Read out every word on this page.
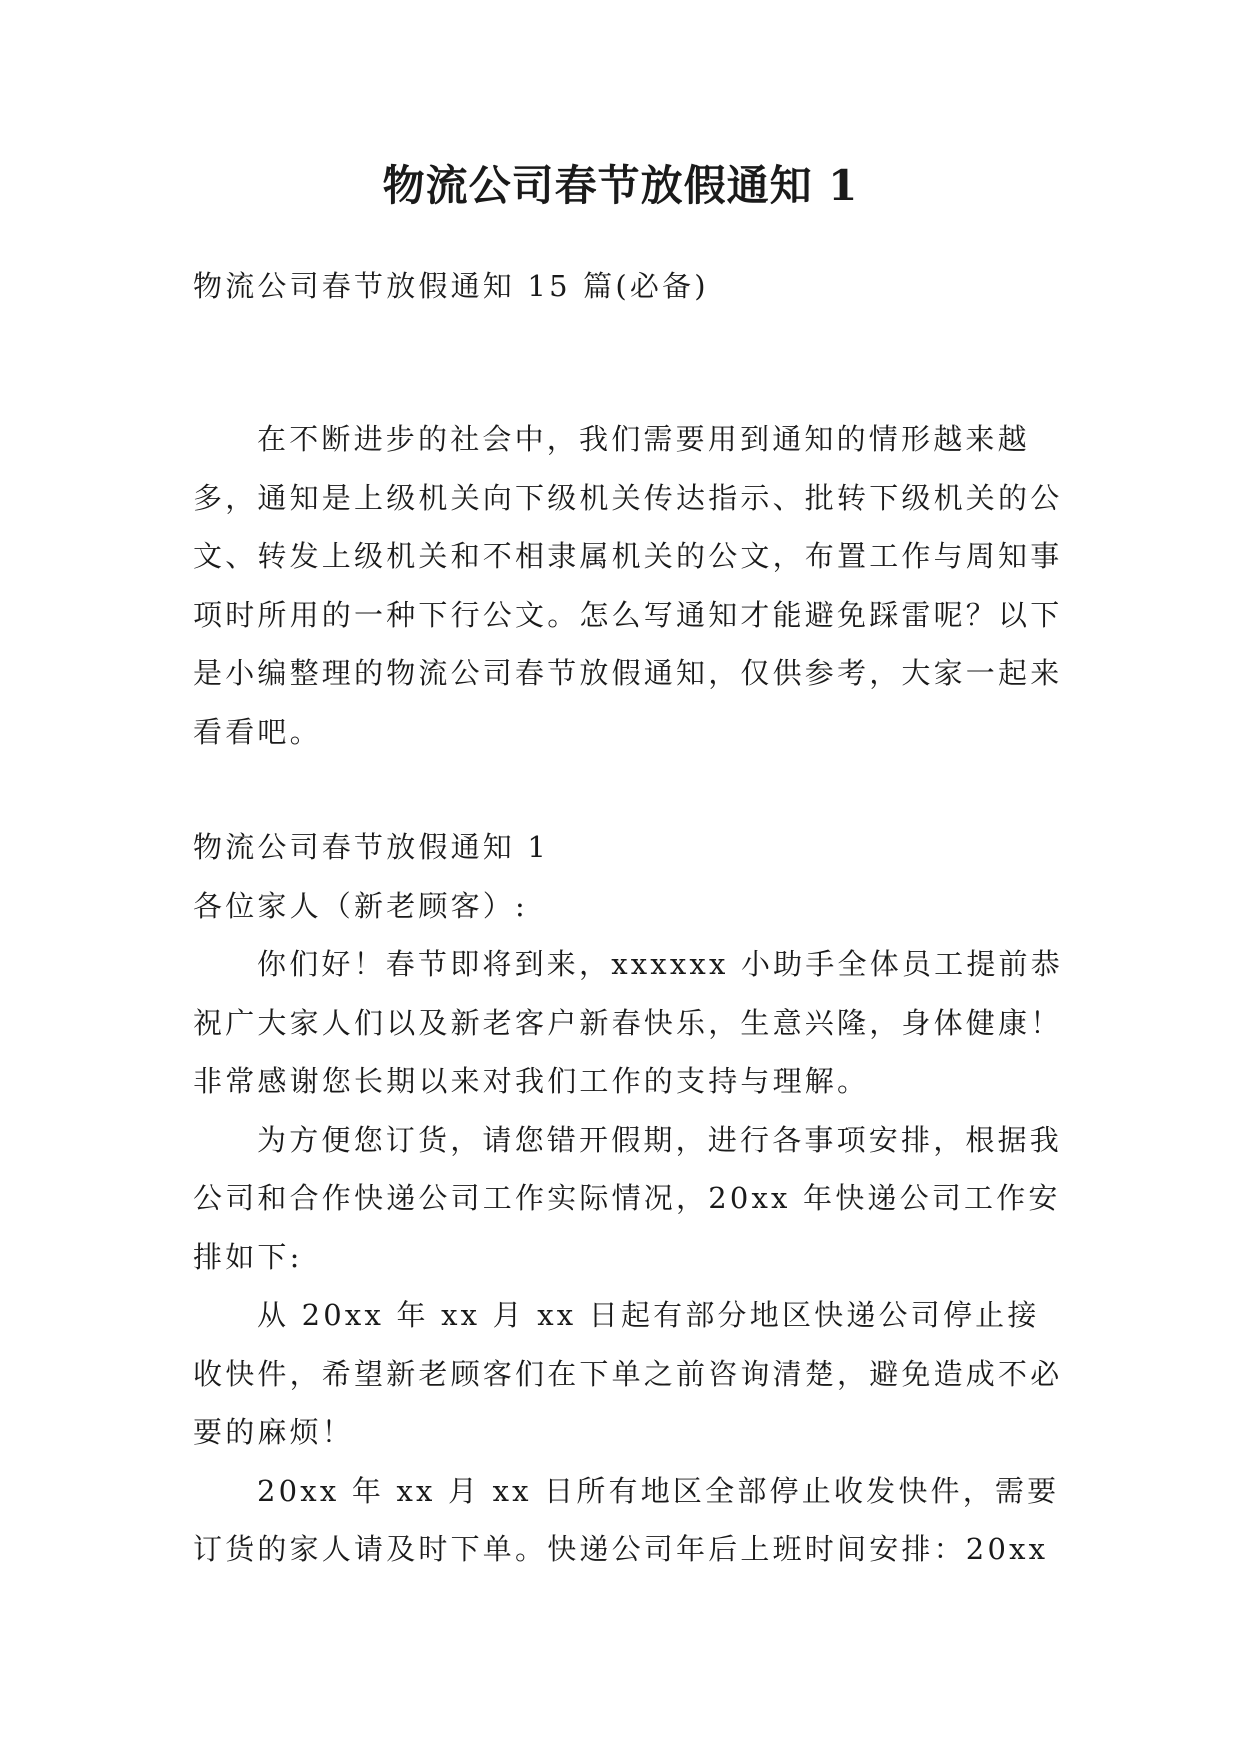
物流公司春节放假通知 1

物流公司春节放假通知 15 篇(必备)

在不断进步的社会中，我们需要用到通知的情形越来越多，通知是上级机关向下级机关传达指示、批转下级机关的公文、转发上级机关和不相隶属机关的公文，布置工作与周知事项时所用的一种下行公文。怎么写通知才能避免踩雷呢？以下是小编整理的物流公司春节放假通知，仅供参考，大家一起来看看吧。

物流公司春节放假通知 1

各位家人（新老顾客）:

你们好！春节即将到来，xxxxxx 小助手全体员工提前恭祝广大家人们以及新老客户新春快乐，生意兴隆，身体健康！非常感谢您长期以来对我们工作的支持与理解。

为方便您订货，请您错开假期，进行各事项安排，根据我公司和合作快递公司工作实际情况，20xx 年快递公司工作安排如下:

从 20xx 年 xx 月 xx 日起有部分地区快递公司停止接收快件，希望新老顾客们在下单之前咨询清楚，避免造成不必要的麻烦！

20xx 年 xx 月 xx 日所有地区全部停止收发快件，需要订货的家人请及时下单。快递公司年后上班时间安排：20xx
